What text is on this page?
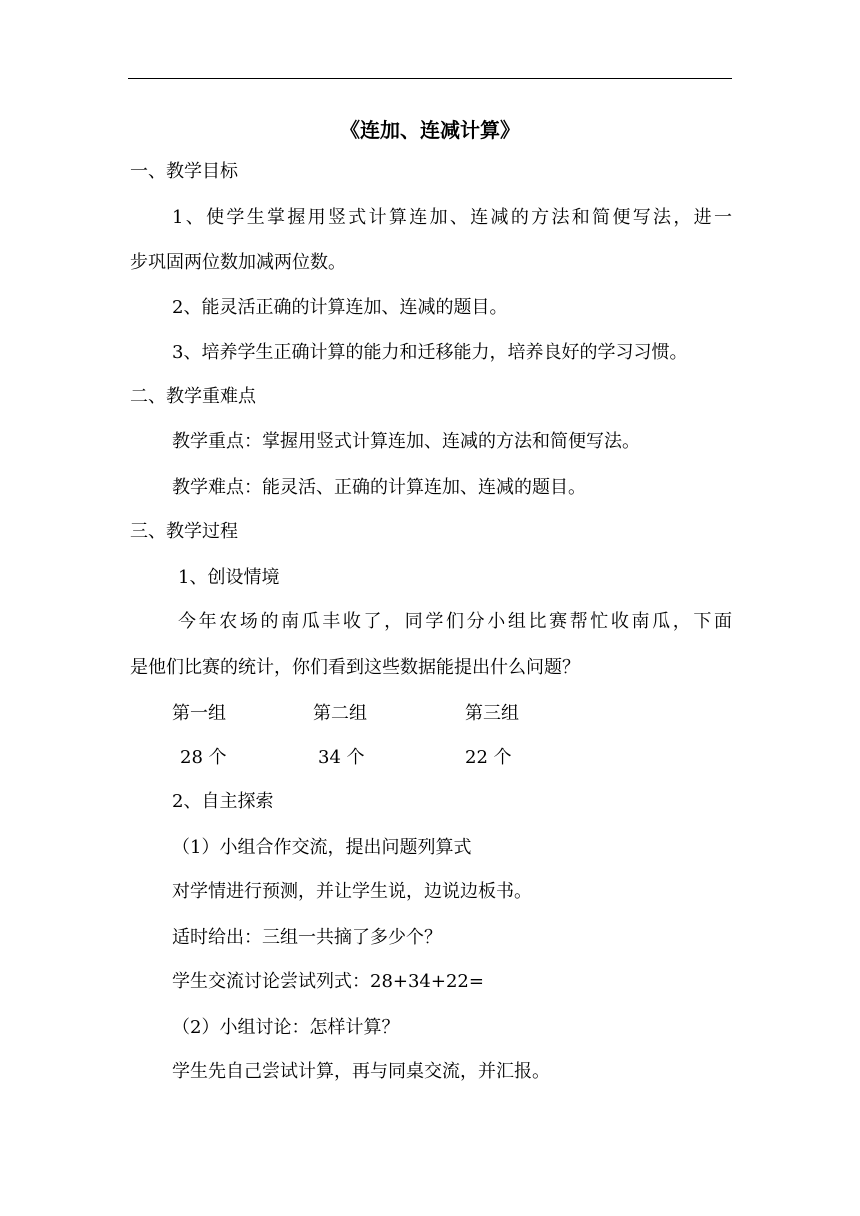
《连加、连减计算》
一、教学目标
1、使学生掌握用竖式计算连加、连减的方法和简便写法，进一
步巩固两位数加减两位数。
2、能灵活正确的计算连加、连减的题目。
3、培养学生正确计算的能力和迁移能力，培养良好的学习习惯。
二、教学重难点
教学重点：掌握用竖式计算连加、连减的方法和简便写法。
教学难点：能灵活、正确的计算连加、连减的题目。
三、教学过程
1、创设情境
今年农场的南瓜丰收了，同学们分小组比赛帮忙收南瓜，下面
是他们比赛的统计，你们看到这些数据能提出什么问题？
第一组	第二组	第三组
28 个	34 个	22 个
2、自主探索
（1）小组合作交流，提出问题列算式
对学情进行预测，并让学生说，边说边板书。
适时给出：三组一共摘了多少个？
学生交流讨论尝试列式：28+34+22=
（2）小组讨论：怎样计算？
学生先自己尝试计算，再与同桌交流，并汇报。
